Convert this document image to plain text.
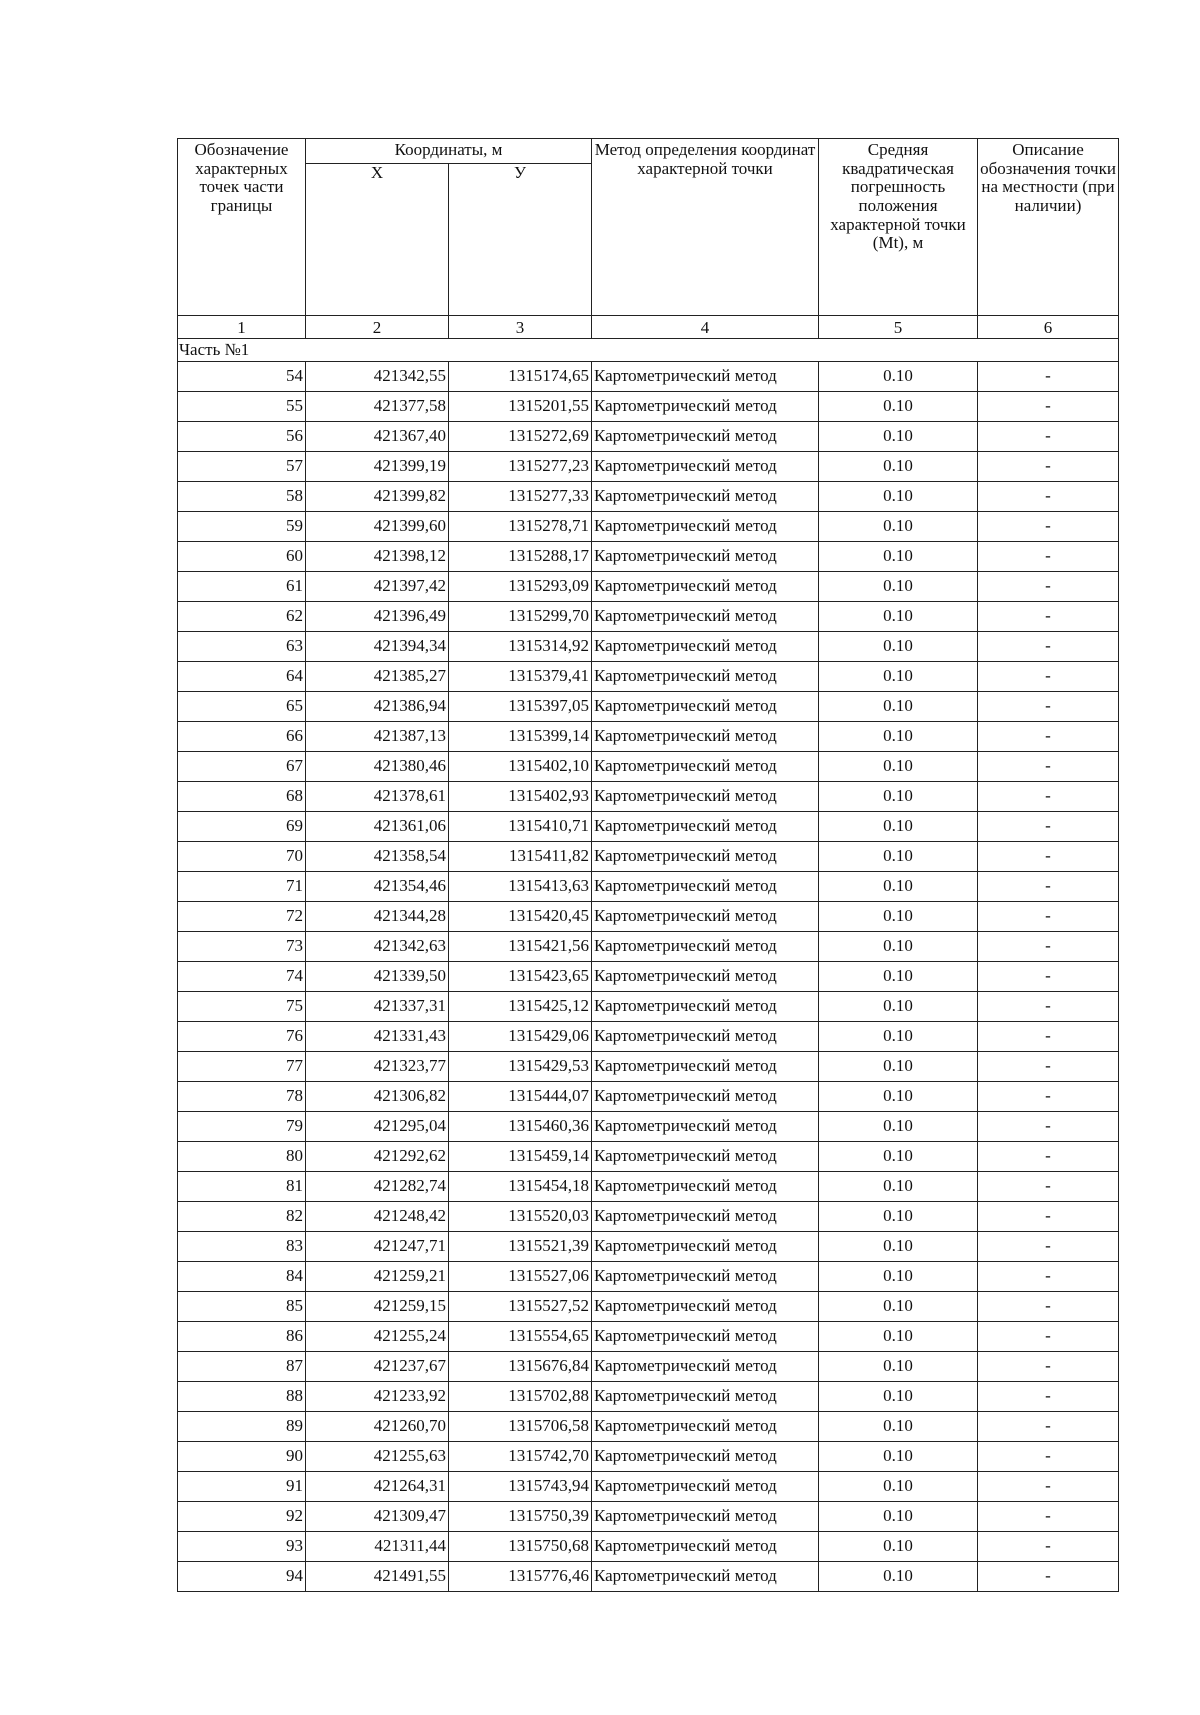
Обозначение характерных точек части границы	Координаты, м		Метод определения координат характерной точки	Средняя квадратическая погрешность положения характерной точки (Mt), м	Описание обозначения точки на местности (при наличии)
	Х	У			
1	2	3	4	5	6
Часть №1					
54	421342,55	1315174,65	Картометрический метод	0.10	-
55	421377,58	1315201,55	Картометрический метод	0.10	-
56	421367,40	1315272,69	Картометрический метод	0.10	-
57	421399,19	1315277,23	Картометрический метод	0.10	-
58	421399,82	1315277,33	Картометрический метод	0.10	-
59	421399,60	1315278,71	Картометрический метод	0.10	-
60	421398,12	1315288,17	Картометрический метод	0.10	-
61	421397,42	1315293,09	Картометрический метод	0.10	-
62	421396,49	1315299,70	Картометрический метод	0.10	-
63	421394,34	1315314,92	Картометрический метод	0.10	-
64	421385,27	1315379,41	Картометрический метод	0.10	-
65	421386,94	1315397,05	Картометрический метод	0.10	-
66	421387,13	1315399,14	Картометрический метод	0.10	-
67	421380,46	1315402,10	Картометрический метод	0.10	-
68	421378,61	1315402,93	Картометрический метод	0.10	-
69	421361,06	1315410,71	Картометрический метод	0.10	-
70	421358,54	1315411,82	Картометрический метод	0.10	-
71	421354,46	1315413,63	Картометрический метод	0.10	-
72	421344,28	1315420,45	Картометрический метод	0.10	-
73	421342,63	1315421,56	Картометрический метод	0.10	-
74	421339,50	1315423,65	Картометрический метод	0.10	-
75	421337,31	1315425,12	Картометрический метод	0.10	-
76	421331,43	1315429,06	Картометрический метод	0.10	-
77	421323,77	1315429,53	Картометрический метод	0.10	-
78	421306,82	1315444,07	Картометрический метод	0.10	-
79	421295,04	1315460,36	Картометрический метод	0.10	-
80	421292,62	1315459,14	Картометрический метод	0.10	-
81	421282,74	1315454,18	Картометрический метод	0.10	-
82	421248,42	1315520,03	Картометрический метод	0.10	-
83	421247,71	1315521,39	Картометрический метод	0.10	-
84	421259,21	1315527,06	Картометрический метод	0.10	-
85	421259,15	1315527,52	Картометрический метод	0.10	-
86	421255,24	1315554,65	Картометрический метод	0.10	-
87	421237,67	1315676,84	Картометрический метод	0.10	-
88	421233,92	1315702,88	Картометрический метод	0.10	-
89	421260,70	1315706,58	Картометрический метод	0.10	-
90	421255,63	1315742,70	Картометрический метод	0.10	-
91	421264,31	1315743,94	Картометрический метод	0.10	-
92	421309,47	1315750,39	Картометрический метод	0.10	-
93	421311,44	1315750,68	Картометрический метод	0.10	-
94	421491,55	1315776,46	Картометрический метод	0.10	-
